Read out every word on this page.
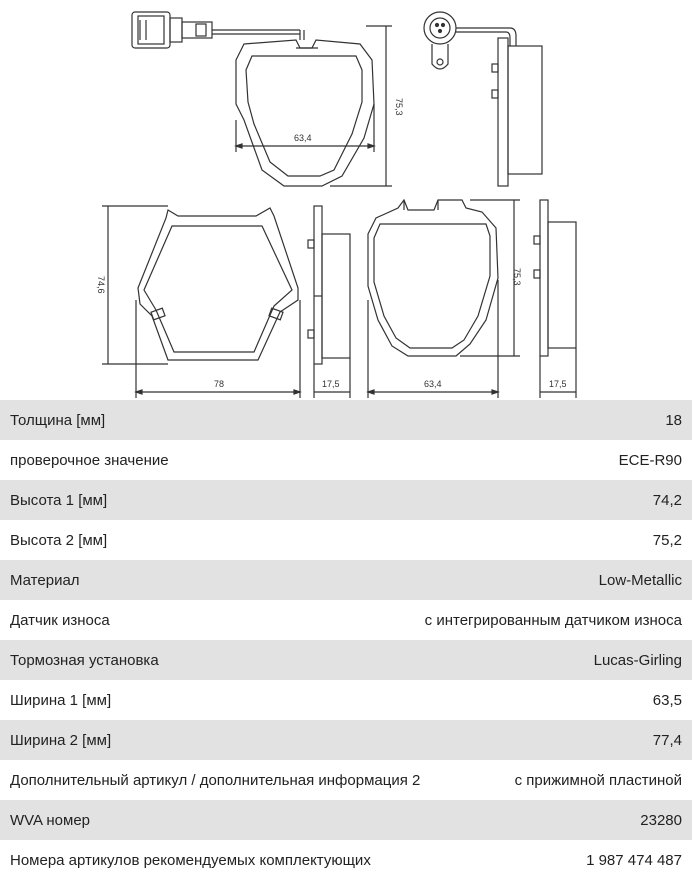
63,4
75,3
74,6
78	17,5
75,3
63,4	17,5
Толщина [мм]	18
проверочное значение	ECE-R90
Высота 1 [мм]	74,2
Высота 2 [мм]	75,2
Материал	Low-Metallic
Датчик износа	с интегрированным датчиком износа
Тормозная установка	Lucas-Girling
Ширина 1 [мм]	63,5
Ширина 2 [мм]	77,4
Дополнительный артикул / дополнительная информация 2	с прижимной пластиной
WVA номер	23280
Номера артикулов рекомендуемых комплектующих	1 987 474 487
